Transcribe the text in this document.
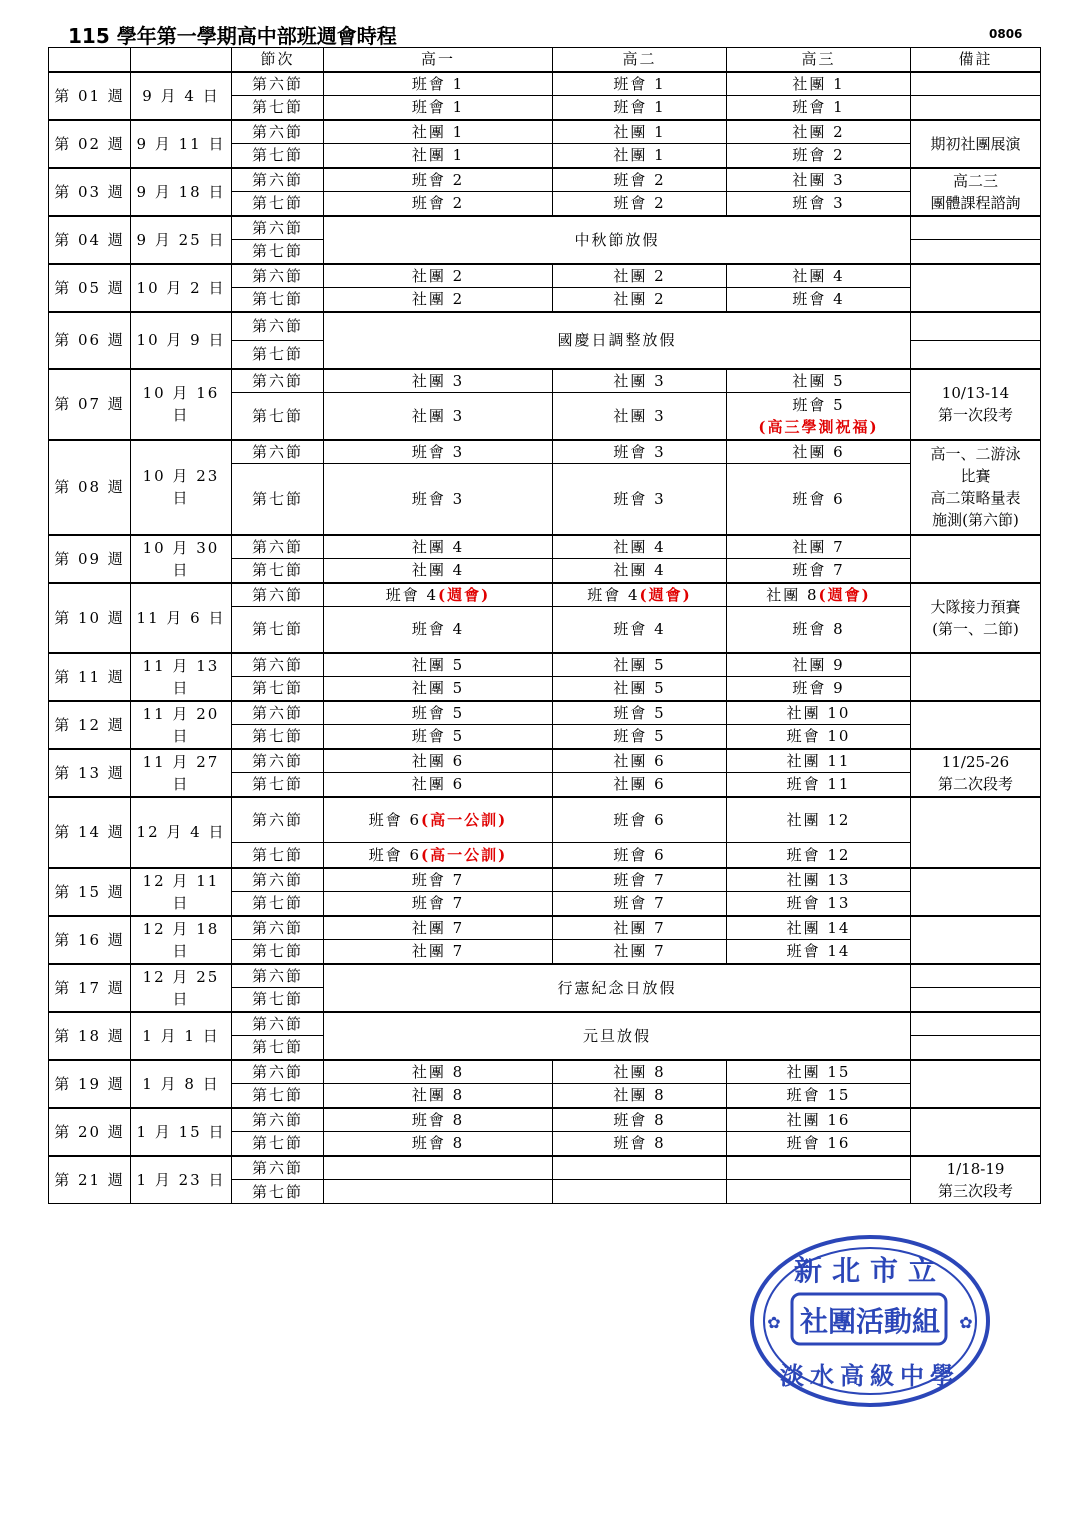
115 學年第一學期高中部班週會時程	0806
		節次	高一	高二	高三	備註
第 01 週	9 月 4 日	第六節	班會 1	班會 1	社團 1	
		第七節	班會 1	班會 1	班會 1	
第 02 週	9 月 11 日	第六節	社團 1	社團 1	社團 2	期初社團展演

		第七節	社團 1	社團 1	班會 2	
第 03 週	9 月 18 日	第六節	班會 2	班會 2	社團 3	高二三
團體課程諮詢

		第七節	班會 2	班會 2	班會 3	
第 04 週	9 月 25 日	第六節	中秋節放假			
		第七節				
第 05 週	10 月 2 日	第六節	社團 2	社團 2	社團 4	
		第七節	社團 2	社團 2	班會 4	
第 06 週	10 月 9 日	第六節	國慶日調整放假			
		第七節				
第 07 週	10 月 16 日	第六節	社團 3	社團 3	社團 5	10/13-14
第一次段考

		第七節	社團 3	社團 3	班會 5
(高三學測祝福)	

第 08 週	10 月 23 日	第六節	班會 3	班會 3	社團 6	高一、二游泳
比賽
高二策略量表
施測(第六節)

		第七節	班會 3	班會 3	班會 6	
第 09 週	10 月 30 日	第六節	社團 4	社團 4	社團 7	
		第七節	社團 4	社團 4	班會 7	
第 10 週	11 月 6 日	第六節	班會 4(週會)	班會 4(週會)	社團 8(週會)	大隊接力預賽
(第一、二節)

		第七節	班會 4	班會 4	班會 8	
第 11 週	11 月 13 日	第六節	社團 5	社團 5	社團 9	
		第七節	社團 5	社團 5	班會 9	
第 12 週	11 月 20 日	第六節	班會 5	班會 5	社團 10	
		第七節	班會 5	班會 5	班會 10	
第 13 週	11 月 27 日	第六節	社團 6	社團 6	社團 11	11/25-26
第二次段考

		第七節	社團 6	社團 6	班會 11	
第 14 週	12 月 4 日	第六節	班會 6(高一公訓)	班會 6	社團 12	
		第七節	班會 6(高一公訓)	班會 6	班會 12	
第 15 週	12 月 11 日	第六節	班會 7	班會 7	社團 13	
		第七節	班會 7	班會 7	班會 13	
第 16 週	12 月 18 日	第六節	社團 7	社團 7	社團 14	
		第七節	社團 7	社團 7	班會 14	
第 17 週	12 月 25 日	第六節	行憲紀念日放假			
		第七節				
第 18 週	1 月 1 日	第六節	元旦放假			
		第七節				
第 19 週	1 月 8 日	第六節	社團 8	社團 8	社團 15	
		第七節	社團 8	社團 8	班會 15	
第 20 週	1 月 15 日	第六節	班會 8	班會 8	社團 16	
		第七節	班會 8	班會 8	班會 16	
第 21 週	1 月 23 日	第六節				1/18-19
第三次段考

		第七節				
新北市立
社團活動組
淡水高級中學
✿	✿
